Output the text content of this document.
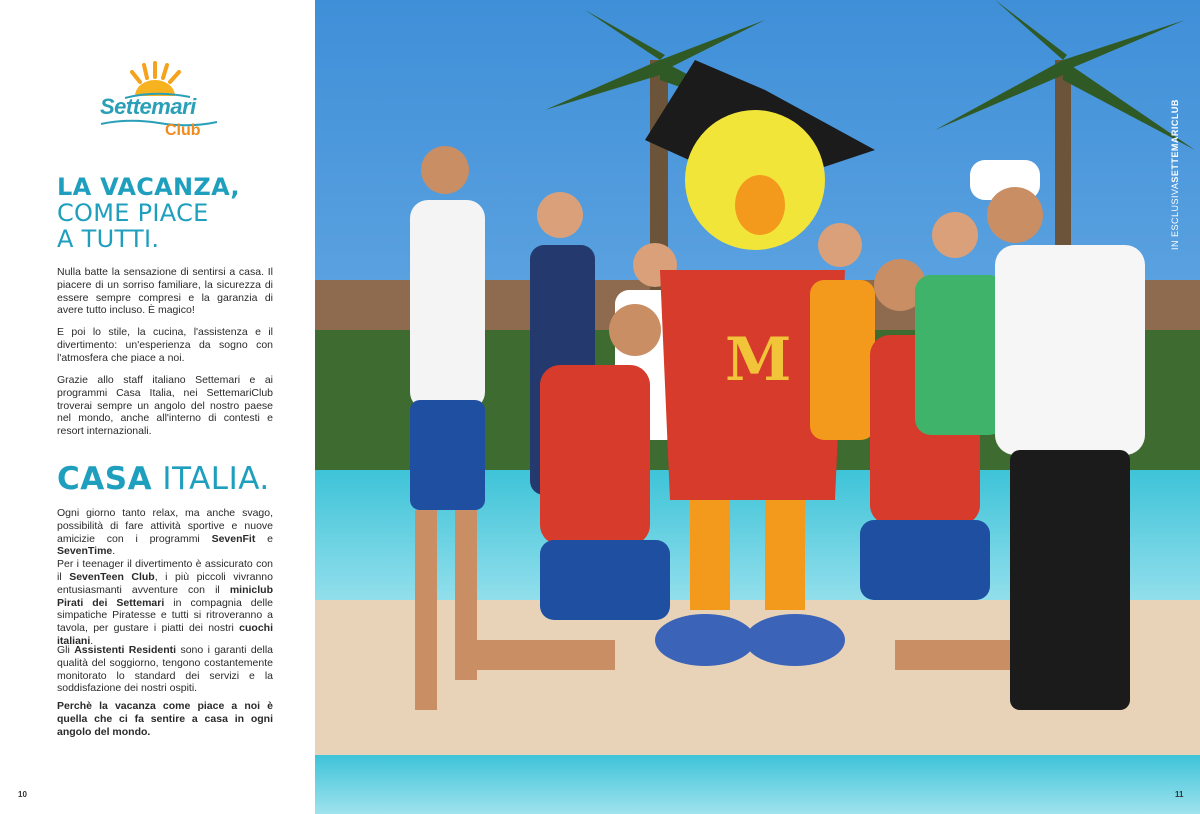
Settemari
Club
LA VACANZA,
COME PIACE
A TUTTI.

Nulla batte la sensazione di sentirsi a casa. Il piacere di un sorriso familiare, la sicurezza di essere sempre compresi e la garanzia di avere tutto incluso. È magico!

E poi lo stile, la cucina, l'assistenza e il divertimento: un'esperienza da sogno con l'atmosfera che piace a noi.

Grazie allo staff italiano Settemari e ai programmi Casa Italia, nei SettemariClub troverai sempre un angolo del nostro paese nel mondo, anche all'interno di contesti e resort internazionali.

CASA ITALIA.

Ogni giorno tanto relax, ma anche svago, possibilità di fare attività sportive e nuove amicizie con i programmi SevenFit e SevenTime.
Per i teenager il divertimento è assicurato con il SevenTeen Club, i più piccoli vivranno entusiasmanti avventure con il miniclub Pirati dei Settemari in compagnia delle simpatiche Piratesse e tutti si ritroveranno a tavola, per gustare i piatti dei nostri cuochi italiani.

Gli Assistenti Residenti sono i garanti della qualità del soggiorno, tengono costantemente monitorato lo standard dei servizi e la soddisfazione dei nostri ospiti.

Perchè la vacanza come piace a noi è quella che ci fa sentire a casa in ogni angolo del mondo.

10
M
IN ESCLUSIVASETTEMARICLUB
11
